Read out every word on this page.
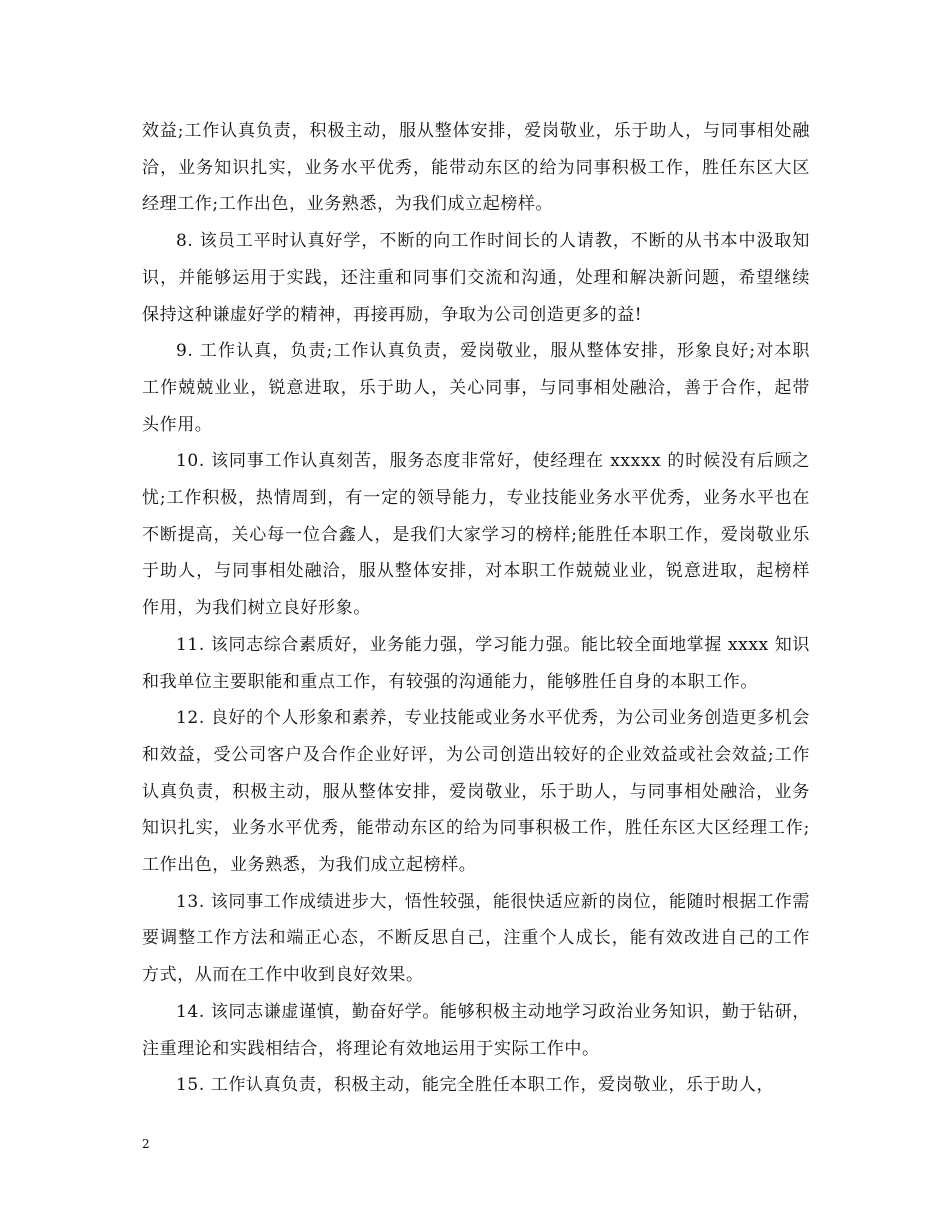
效益;工作认真负责，积极主动，服从整体安排，爱岗敬业，乐于助人，与同事相处融洽，业务知识扎实，业务水平优秀，能带动东区的给为同事积极工作，胜任东区大区经理工作;工作出色，业务熟悉，为我们成立起榜样。

8. 该员工平时认真好学，不断的向工作时间长的人请教，不断的从书本中汲取知识，并能够运用于实践，还注重和同事们交流和沟通，处理和解决新问题，希望继续保持这种谦虚好学的精神，再接再励，争取为公司创造更多的益!

9. 工作认真，负责;工作认真负责，爱岗敬业，服从整体安排，形象良好;对本职工作兢兢业业，锐意进取，乐于助人，关心同事，与同事相处融洽，善于合作，起带头作用。

10. 该同事工作认真刻苦，服务态度非常好，使经理在 xxxxx 的时候没有后顾之忧;工作积极，热情周到，有一定的领导能力，专业技能业务水平优秀，业务水平也在不断提高，关心每一位合鑫人，是我们大家学习的榜样;能胜任本职工作，爱岗敬业乐于助人，与同事相处融洽，服从整体安排，对本职工作兢兢业业，锐意进取，起榜样作用，为我们树立良好形象。

11. 该同志综合素质好，业务能力强，学习能力强。能比较全面地掌握 xxxx 知识和我单位主要职能和重点工作，有较强的沟通能力，能够胜任自身的本职工作。

12. 良好的个人形象和素养，专业技能或业务水平优秀，为公司业务创造更多机会和效益，受公司客户及合作企业好评，为公司创造出较好的企业效益或社会效益;工作认真负责，积极主动，服从整体安排，爱岗敬业，乐于助人，与同事相处融洽，业务知识扎实，业务水平优秀，能带动东区的给为同事积极工作，胜任东区大区经理工作;工作出色，业务熟悉，为我们成立起榜样。

13. 该同事工作成绩进步大，悟性较强，能很快适应新的岗位，能随时根据工作需要调整工作方法和端正心态，不断反思自己，注重个人成长，能有效改进自己的工作方式，从而在工作中收到良好效果。

14. 该同志谦虚谨慎，勤奋好学。能够积极主动地学习政治业务知识，勤于钻研，注重理论和实践相结合，将理论有效地运用于实际工作中。

15. 工作认真负责，积极主动，能完全胜任本职工作，爱岗敬业，乐于助人，

2
